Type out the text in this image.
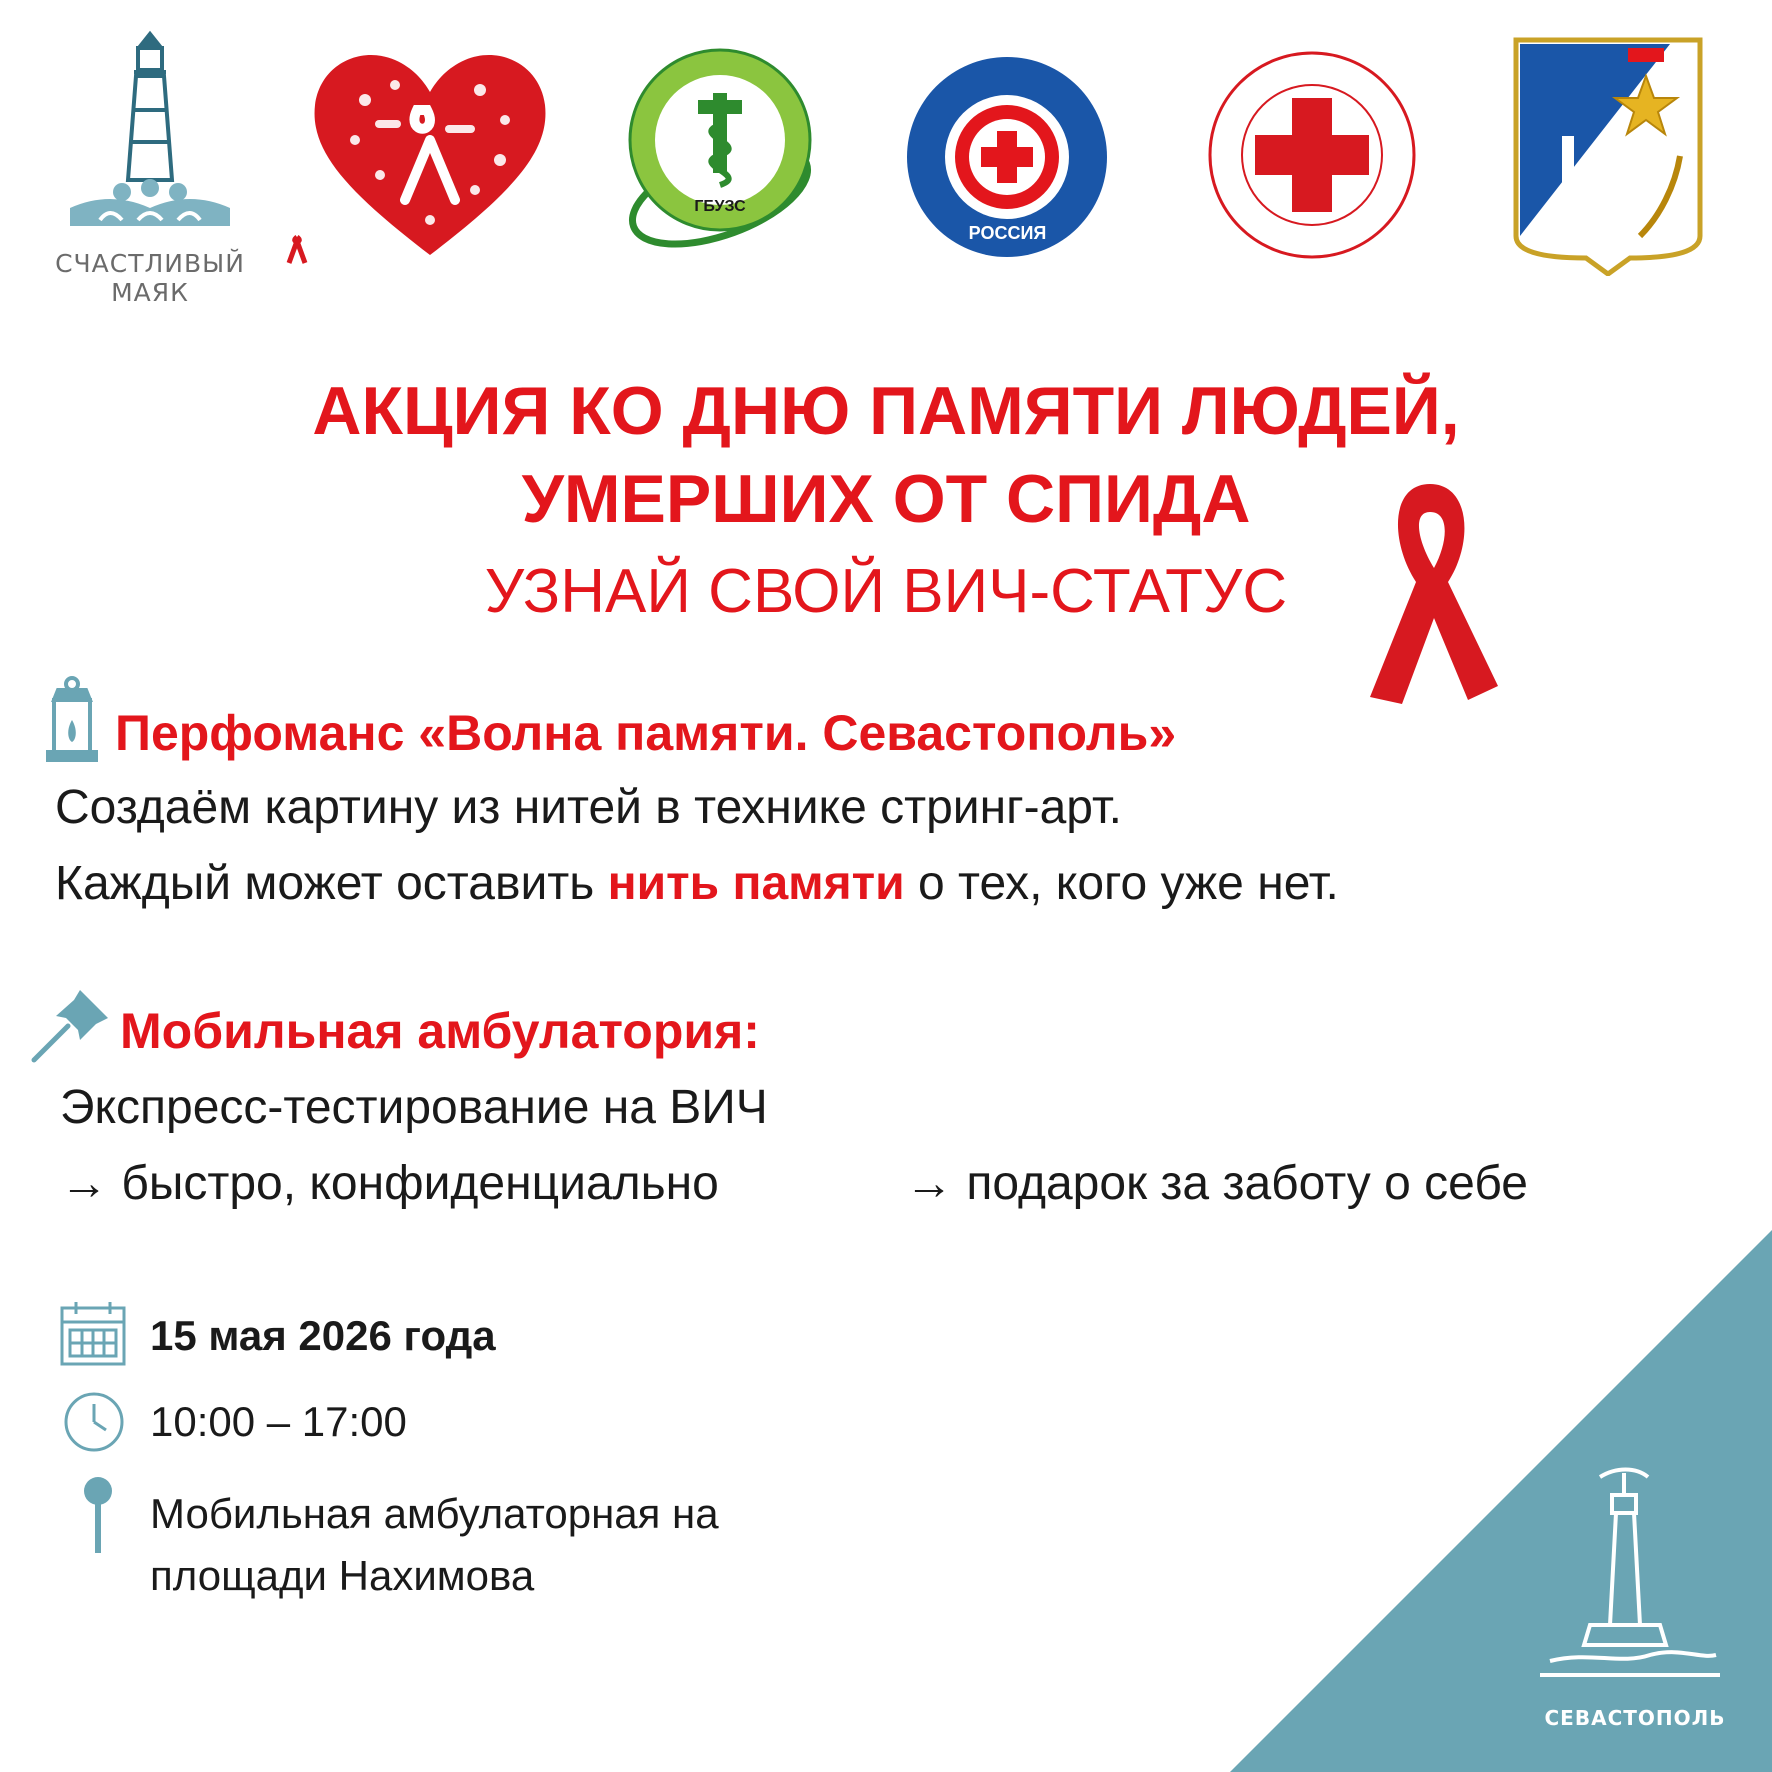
СЧАСТЛИВЫЙ
МАЯК
ГБУЗС
РОССИЯ
АКЦИЯ КО ДНЮ ПАМЯТИ ЛЮДЕЙ,
УМЕРШИХ ОТ СПИДА
УЗНАЙ СВОЙ ВИЧ-СТАТУС
Перфоманс «Волна памяти. Севастополь»
Создаём картину из нитей в технике стринг-арт.
Каждый может оставить нить памяти о тех, кого уже нет.
Мобильная амбулатория:
Экспресс-тестирование на ВИЧ
→ быстро, конфиденциально	→ подарок за заботу о себе
СЕВАСТОПОЛЬ
15 мая 2026 года
10:00 – 17:00
Мобильная амбулаторная на
площади Нахимова
